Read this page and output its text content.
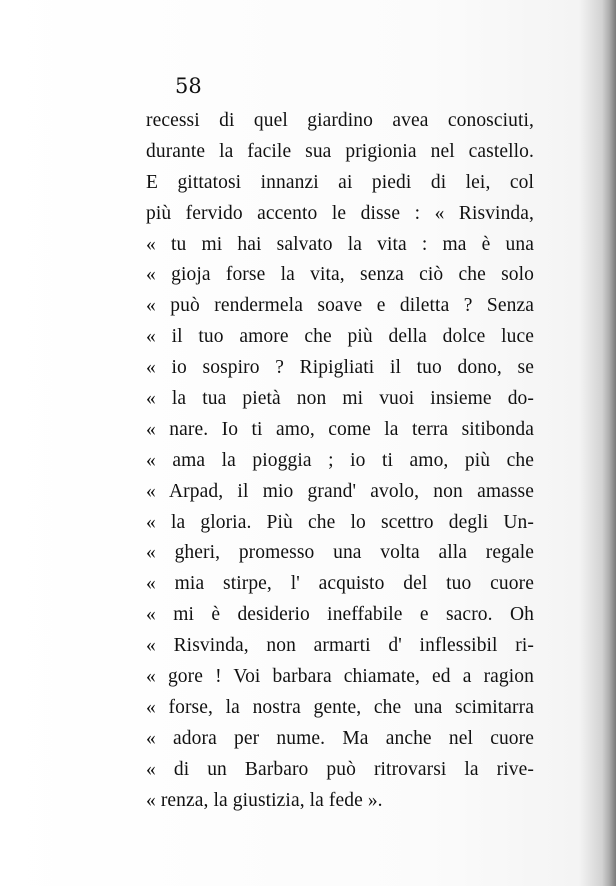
58
recessi di quel giardino avea conosciuti,
durante la facile sua prigionia nel castello.
E gittatosi innanzi ai piedi di lei, col
più fervido accento le disse : « Risvinda,
« tu mi hai salvato la vita : ma è una
« gioja forse la vita, senza ciò che solo
« può rendermela soave e diletta ? Senza
« il tuo amore che più della dolce luce
« io sospiro ? Ripigliati il tuo dono, se
« la tua pietà non mi vuoi insieme do-
« nare. Io ti amo, come la terra sitibonda
« ama la pioggia ; io ti amo, più che
« Arpad, il mio grand' avolo, non amasse
« la gloria. Più che lo scettro degli Un-
« gheri, promesso una volta alla regale
« mia stirpe, l' acquisto del tuo cuore
« mi è desiderio ineffabile e sacro. Oh
« Risvinda, non armarti d' inflessibil ri-
« gore ! Voi barbara chiamate, ed a ragion
« forse, la nostra gente, che una scimitarra
« adora per nume. Ma anche nel cuore
« di un Barbaro può ritrovarsi la rive-
« renza, la giustizia, la fede ».
